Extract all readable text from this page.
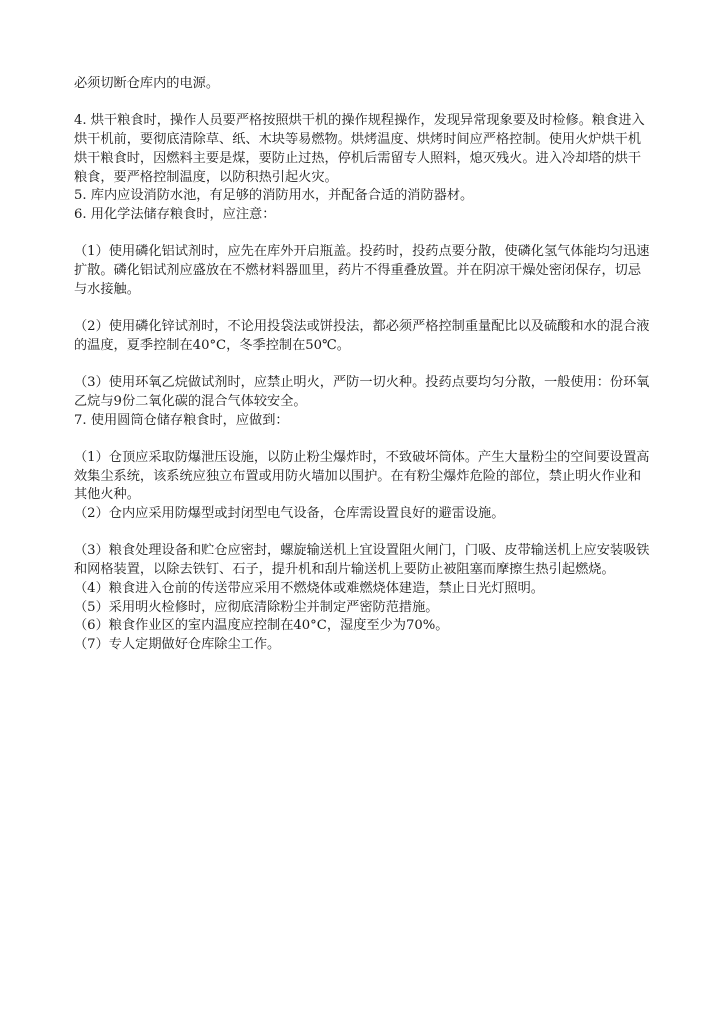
必须切断仓库内的电源。

4. 烘干粮食时，操作人员要严格按照烘干机的操作规程操作，发现异常现象要及时检修。粮食进入烘干机前，要彻底清除草、纸、木块等易燃物。烘烤温度、烘烤时间应严格控制。使用火炉烘干机烘干粮食时，因燃料主要是煤，要防止过热，停机后需留专人照料，熄灭残火。进入冷却塔的烘干粮食，要严格控制温度，以防积热引起火灾。

5. 库内应设消防水池，有足够的消防用水，并配备合适的消防器材。

6. 用化学法储存粮食时，应注意：

（1）使用磷化铝试剂时，应先在库外开启瓶盖。投药时，投药点要分散，使磷化氢气体能均匀迅速扩散。磷化铝试剂应盛放在不燃材料器皿里，药片不得重叠放置。并在阴凉干燥处密闭保存，切忌与水接触。

（2）使用磷化锌试剂时，不论用投袋法或饼投法，都必须严格控制重量配比以及硫酸和水的混合液的温度，夏季控制在40°C，冬季控制在50℃。

（3）使用环氧乙烷做试剂时，应禁止明火，严防一切火种。投药点要均匀分散，一般使用：份环氧乙烷与9份二氧化碳的混合气体较安全。

7. 使用圆筒仓储存粮食时，应做到：

（1）仓顶应采取防爆泄压设施，以防止粉尘爆炸时，不致破坏筒体。产生大量粉尘的空间要设置高效集尘系统，该系统应独立布置或用防火墙加以围护。在有粉尘爆炸危险的部位，禁止明火作业和其他火种。

（2）仓内应采用防爆型或封闭型电气设备，仓库需设置良好的避雷设施。

（3）粮食处理设备和贮仓应密封，螺旋输送机上宜设置阻火闸门，门吸、皮带输送机上应安装吸铁和网格装置，以除去铁钉、石子，提升机和刮片输送机上要防止被阻塞而摩擦生热引起燃烧。

（4）粮食进入仓前的传送带应采用不燃烧体或难燃烧体建造，禁止日光灯照明。

（5）采用明火检修时，应彻底清除粉尘并制定严密防范措施。

（6）粮食作业区的室内温度应控制在40°C，湿度至少为70%。

（7）专人定期做好仓库除尘工作。
